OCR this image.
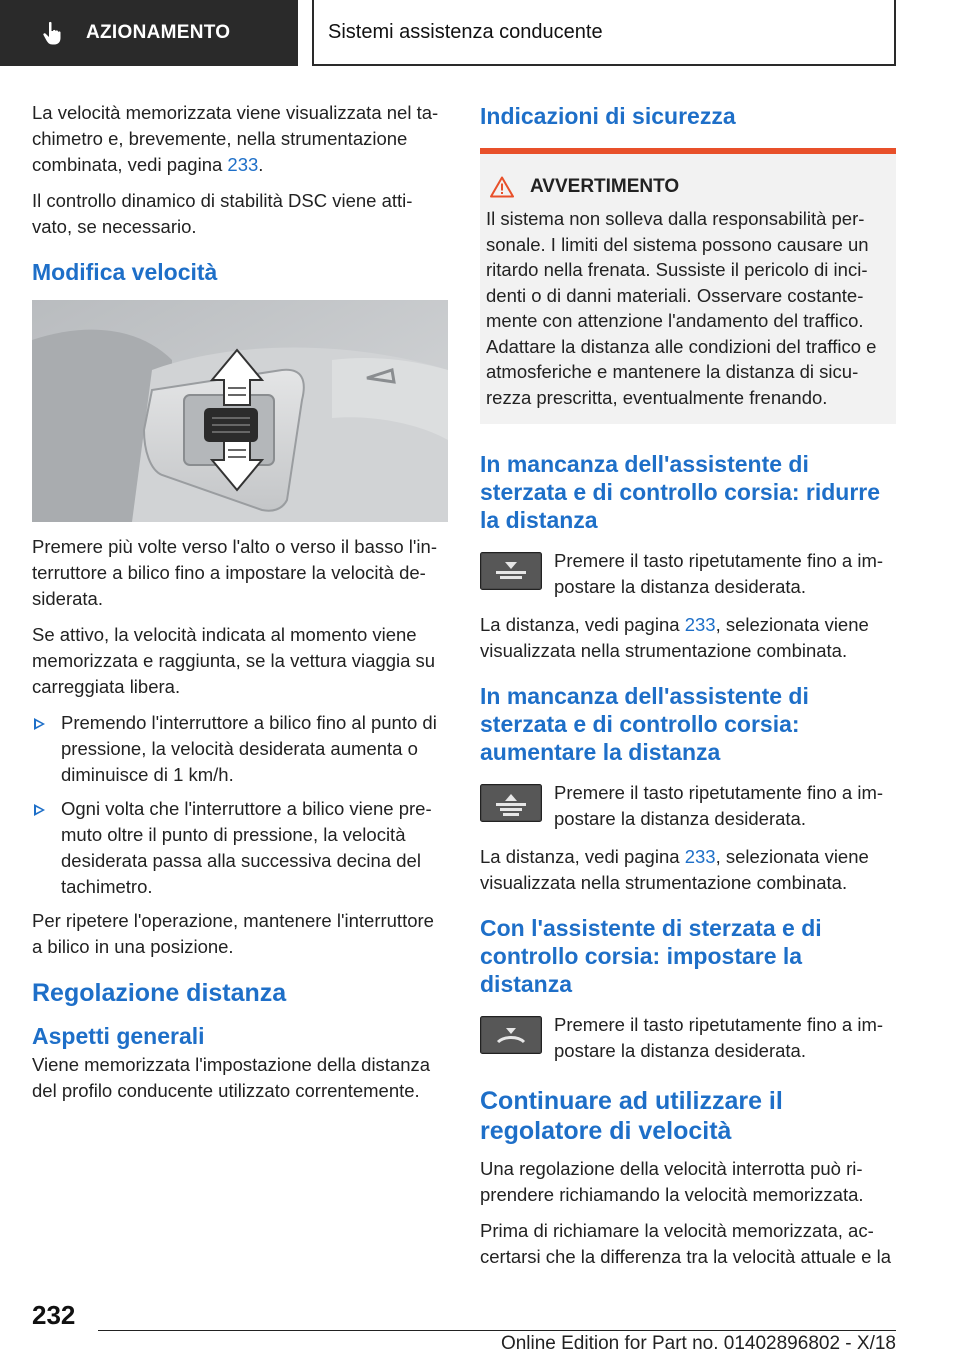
AZIONAMENTO	Sistemi assistenza conducente

La velocità memorizzata viene visualizzata nel ta-chimetro e, brevemente, nella strumentazione combinata, vedi pagina 233.

Il controllo dinamico di stabilità DSC viene atti-vato, se necessario.

Modifica velocità

Premere più volte verso l'alto o verso il basso l'in-terruttore a bilico fino a impostare la velocità de-siderata.

Se attivo, la velocità indicata al momento viene memorizzata e raggiunta, se la vettura viaggia su carreggiata libera.

Premendo l'interruttore a bilico fino al punto di pressione, la velocità desiderata aumenta o diminuisce di 1 km/h.
Ogni volta che l'interruttore a bilico viene pre-muto oltre il punto di pressione, la velocità desiderata passa alla successiva decina del tachimetro.

Per ripetere l'operazione, mantenere l'interruttore a bilico in una posizione.

Regolazione distanza
Aspetti generali

Viene memorizzata l'impostazione della distanza del profilo conducente utilizzato correntemente.

Indicazioni di sicurezza
AVVERTIMENTO
Il sistema non solleva dalla responsabilità per-sonale. I limiti del sistema possono causare un ritardo nella frenata. Sussiste il pericolo di inci-denti o di danni materiali. Osservare costante-mente con attenzione l'andamento del traffico. Adattare la distanza alle condizioni del traffico e atmosferiche e mantenere la distanza di sicu-rezza prescritta, eventualmente frenando.
In mancanza dell'assistente di sterzata e di controllo corsia: ridurre la distanza
Premere il tasto ripetutamente fino a im-postare la distanza desiderata.

La distanza, vedi pagina 233, selezionata viene visualizzata nella strumentazione combinata.

In mancanza dell'assistente di sterzata e di controllo corsia: aumentare la distanza
Premere il tasto ripetutamente fino a im-postare la distanza desiderata.

La distanza, vedi pagina 233, selezionata viene visualizzata nella strumentazione combinata.

Con l'assistente di sterzata e di controllo corsia: impostare la distanza
Premere il tasto ripetutamente fino a im-postare la distanza desiderata.
Continuare ad utilizzare il regolatore di velocità

Una regolazione della velocità interrotta può ri-prendere richiamando la velocità memorizzata.

Prima di richiamare la velocità memorizzata, ac-certarsi che la differenza tra la velocità attuale e la

232
Online Edition for Part no. 01402896802 - X/18
